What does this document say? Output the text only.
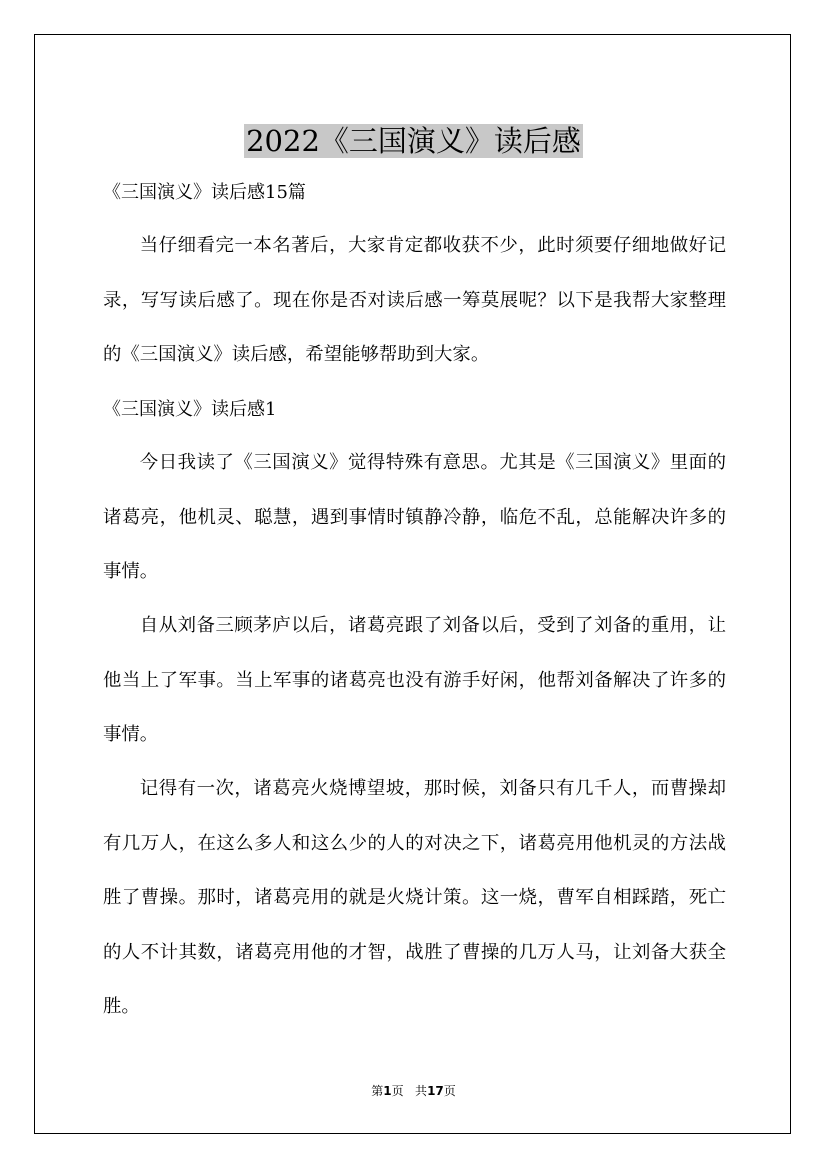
2022《三国演义》读后感
《三国演义》读后感15篇

当仔细看完一本名著后，大家肯定都收获不少，此时须要仔细地做好记录，写写读后感了。现在你是否对读后感一筹莫展呢？以下是我帮大家整理的《三国演义》读后感，希望能够帮助到大家。

《三国演义》读后感1

今日我读了《三国演义》觉得特殊有意思。尤其是《三国演义》里面的诸葛亮，他机灵、聪慧，遇到事情时镇静冷静，临危不乱，总能解决许多的事情。

自从刘备三顾茅庐以后，诸葛亮跟了刘备以后，受到了刘备的重用，让他当上了军事。当上军事的诸葛亮也没有游手好闲，他帮刘备解决了许多的事情。

记得有一次，诸葛亮火烧博望坡，那时候，刘备只有几千人，而曹操却有几万人，在这么多人和这么少的人的对决之下，诸葛亮用他机灵的方法战胜了曹操。那时，诸葛亮用的就是火烧计策。这一烧，曹军自相踩踏，死亡的人不计其数，诸葛亮用他的才智，战胜了曹操的几万人马，让刘备大获全胜。

第1页 共17页
